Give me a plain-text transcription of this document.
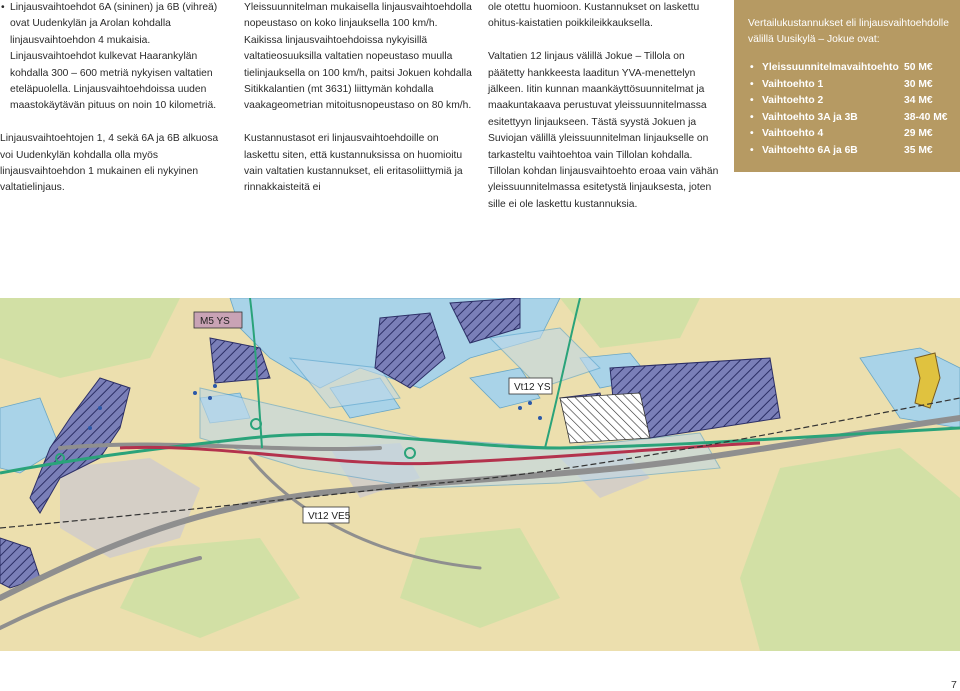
• Linjausvaihtoehdot 6A (sininen) ja 6B (vihreä) ovat Uudenkylän ja Arolan kohdalla linjausvaihtoehdon 4 mukaisia. Linjausvaihtoehdot kulkevat Haarankylän kohdalla 300 – 600 metriä nykyisen valtatien eteläpuolella. Linjausvaihtoehdoissa uuden maastokäytävän pituus on noin 10 kilometriä.

Linjausvaihtoehtojen 1, 4 sekä 6A ja 6B alkuosa voi Uudenkylän kohdalla olla myös linjausvaihtoehdon 1 mukainen eli nykyinen valtatielinjaus.

Yleissuunnitelman mukaisella linjausvaihtoehdolla nopeustaso on koko linjauksella 100 km/h. Kaikissa linjausvaihtoehdoissa nykyisillä valtatieosuuksilla valtatien nopeustaso muulla tielinjauksella on 100 km/h, paitsi Jokuen kohdalla Sitikkalantien (mt 3631) liittymän kohdalla vaakageometrian mitoitusnopeustaso on 80 km/h.

Kustannustasot eri linjausvaihtoehdoille on laskettu siten, että kustannuksissa on huomioitu vain valtatien kustannukset, eli eritasoliittymiä ja rinnakkaisteitä ei

ole otettu huomioon. Kustannukset on laskettu ohitus-kaistatien poikkileikkauksella.

Valtatien 12 linjaus välillä Jokue – Tillola on päätetty hankkeesta laaditun YVA-menettelyn jälkeen. Iitin kunnan maankäyttösuunnitelmat ja maakuntakaava perustuvat yleissuunnitelmassa esitettyyn linjaukseen. Tästä syystä Jokuen ja Suviojan välillä yleissuunnitelman linjaukselle on tarkasteltu vaihtoehtoa vain Tillolan kohdalla. Tillolan kohdan linjausvaihtoehto eroaa vain vähän yleissuunnitelmassa esitetystä linjauksesta, joten sille ei ole laskettu kustannuksia.

Vertailukustannukset eli linjausvaihtoehdolle välillä Uusikylä – Jokue ovat:
• Yleissuunnitelmavaihtoehto 50 M€
• Vaihtoehto 1	30 M€
• Vaihtoehto 2	34 M€
• Vaihtoehto 3A ja 3B	38-40 M€
• Vaihtoehto 4	29 M€
• Vaihtoehto 6A ja 6B	35 M€
M5 YS
Vt12 YS
Vt12 VE5
7
